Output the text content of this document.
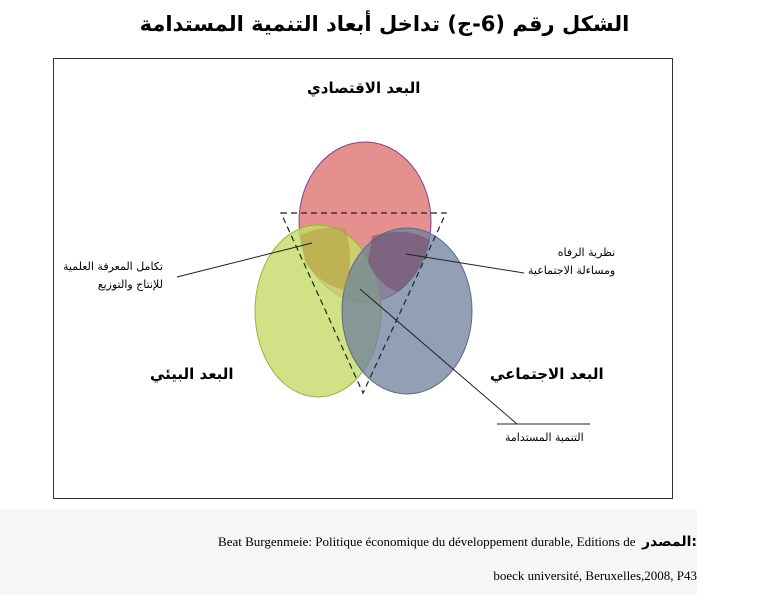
الشكل رقم (6-ج) تداخل أبعاد التنمية المستدامة
البعد الاقتصادي
البعد البيئي	البعد الاجتماعي
تكامل المعرفة العلمية
للإنتاج والتوزيع
نظرية الرفاه
ومساءلة الاجتماعية
التنمية المستدامة
Beat Burgenmeie: Politique économique du développement durable, Editions de المصدر:
boeck université, Beruxelles,2008, P43
